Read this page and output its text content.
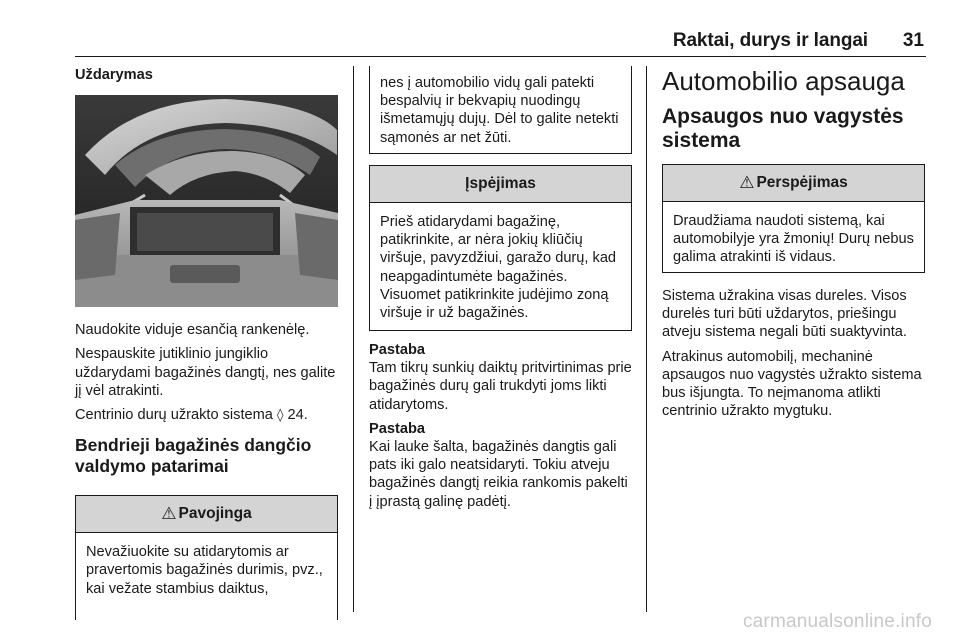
Raktai, durys ir langai 31
Uždarymas
Naudokite viduje esančią rankenėlę.
Nespauskite jutiklinio jungiklio uždarydami bagažinės dangtį, nes galite jį vėl atrakinti.
Centrinio durų užrakto sistema ◊ 24.
Bendrieji bagažinės dangčio valdymo patarimai
⚠ Pavojinga
Nevažiuokite su atidarytomis ar pravertomis bagažinės durimis, pvz., kai vežate stambius daiktus,
nes į automobilio vidų gali patekti bespalvių ir bekvapių nuodingų išmetamųjų dujų. Dėl to galite netekti sąmonės ar net žūti.
Įspėjimas
Prieš atidarydami bagažinę, patikrinkite, ar nėra jokių kliūčių viršuje, pavyzdžiui, garažo durų, kad neapgadintumėte bagažinės. Visuomet patikrinkite judėjimo zoną viršuje ir už bagažinės.
Pastaba
Tam tikrų sunkių daiktų pritvirtinimas prie bagažinės durų gali trukdyti joms likti atidarytoms.
Pastaba
Kai lauke šalta, bagažinės dangtis gali pats iki galo neatsidaryti. Tokiu atveju bagažinės dangtį reikia rankomis pakelti į įprastą galinę padėtį.
Automobilio apsauga
Apsaugos nuo vagystės sistema
⚠ Perspėjimas
Draudžiama naudoti sistemą, kai automobilyje yra žmonių! Durų nebus galima atrakinti iš vidaus.
Sistema užrakina visas dureles. Visos durelės turi būti uždarytos, priešingu atveju sistema negali būti suaktyvinta.
Atrakinus automobilį, mechaninė apsaugos nuo vagystės užrakto sistema bus išjungta. To neįmanoma atlikti centrinio užrakto mygtuku.
carmanualsonline.info
